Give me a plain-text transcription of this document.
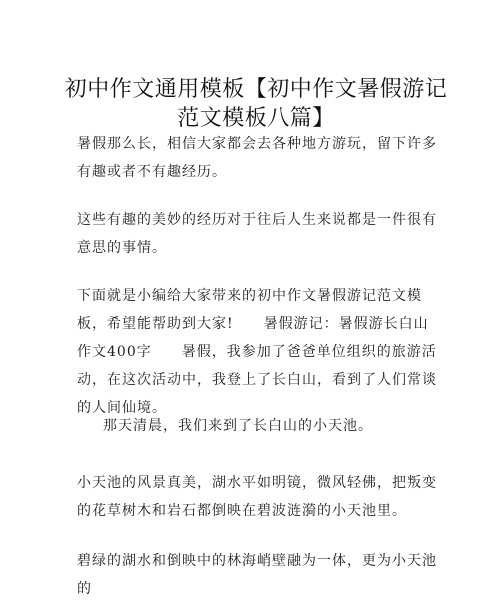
初中作文通用模板【初中作文暑假游记范文模板八篇】

暑假那么长，相信大家都会去各种地方游玩，留下许多有趣或者不有趣经历。

这些有趣的美妙的经历对于往后人生来说都是一件很有意思的事情。

下面就是小编给大家带来的初中作文暑假游记范文模板，希望能帮助到大家!　　暑假游记：暑假游长白山作文400字　　暑假，我参加了爸爸单位组织的旅游活动，在这次活动中，我登上了长白山，看到了人们常谈的人间仙境。

那天清晨，我们来到了长白山的小天池。

小天池的风景真美，湖水平如明镜，微风轻佛，把叛变的花草树木和岩石都倒映在碧波涟漪的小天池里。

碧绿的湖水和倒映中的林海峭壁融为一体，更为小天池的
